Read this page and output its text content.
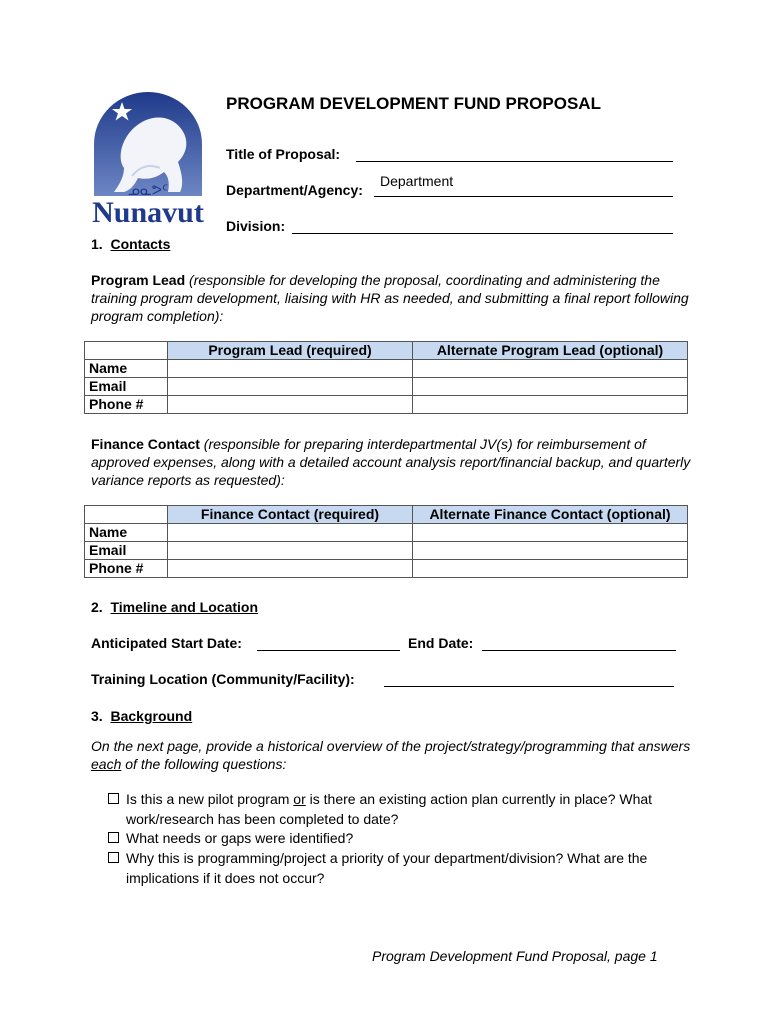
ᓄᓇᕗᑦ
Nunavut
PROGRAM DEVELOPMENT FUND PROPOSAL
Title of Proposal:
Department/Agency:
Department
Division:
1. Contacts
Program Lead (responsible for developing the proposal, coordinating and administering the training program development, liaising with HR as needed, and submitting a final report following program completion):
	Program Lead (required)	Alternate Program Lead (optional)
Name		
Email		
Phone #		
Finance Contact (responsible for preparing interdepartmental JV(s) for reimbursement of approved expenses, along with a detailed account analysis report/financial backup, and quarterly variance reports as requested):
	Finance Contact (required)	Alternate Finance Contact (optional)
Name		
Email		
Phone #		
2. Timeline and Location
Anticipated Start Date:	End Date:
Training Location (Community/Facility):
3. Background
On the next page, provide a historical overview of the project/strategy/programming that answers each of the following questions:
Is this a new pilot program or is there an existing action plan currently in place? What work/research has been completed to date?
What needs or gaps were identified?
Why this is programming/project a priority of your department/division? What are the implications if it does not occur?
Program Development Fund Proposal, page 1
